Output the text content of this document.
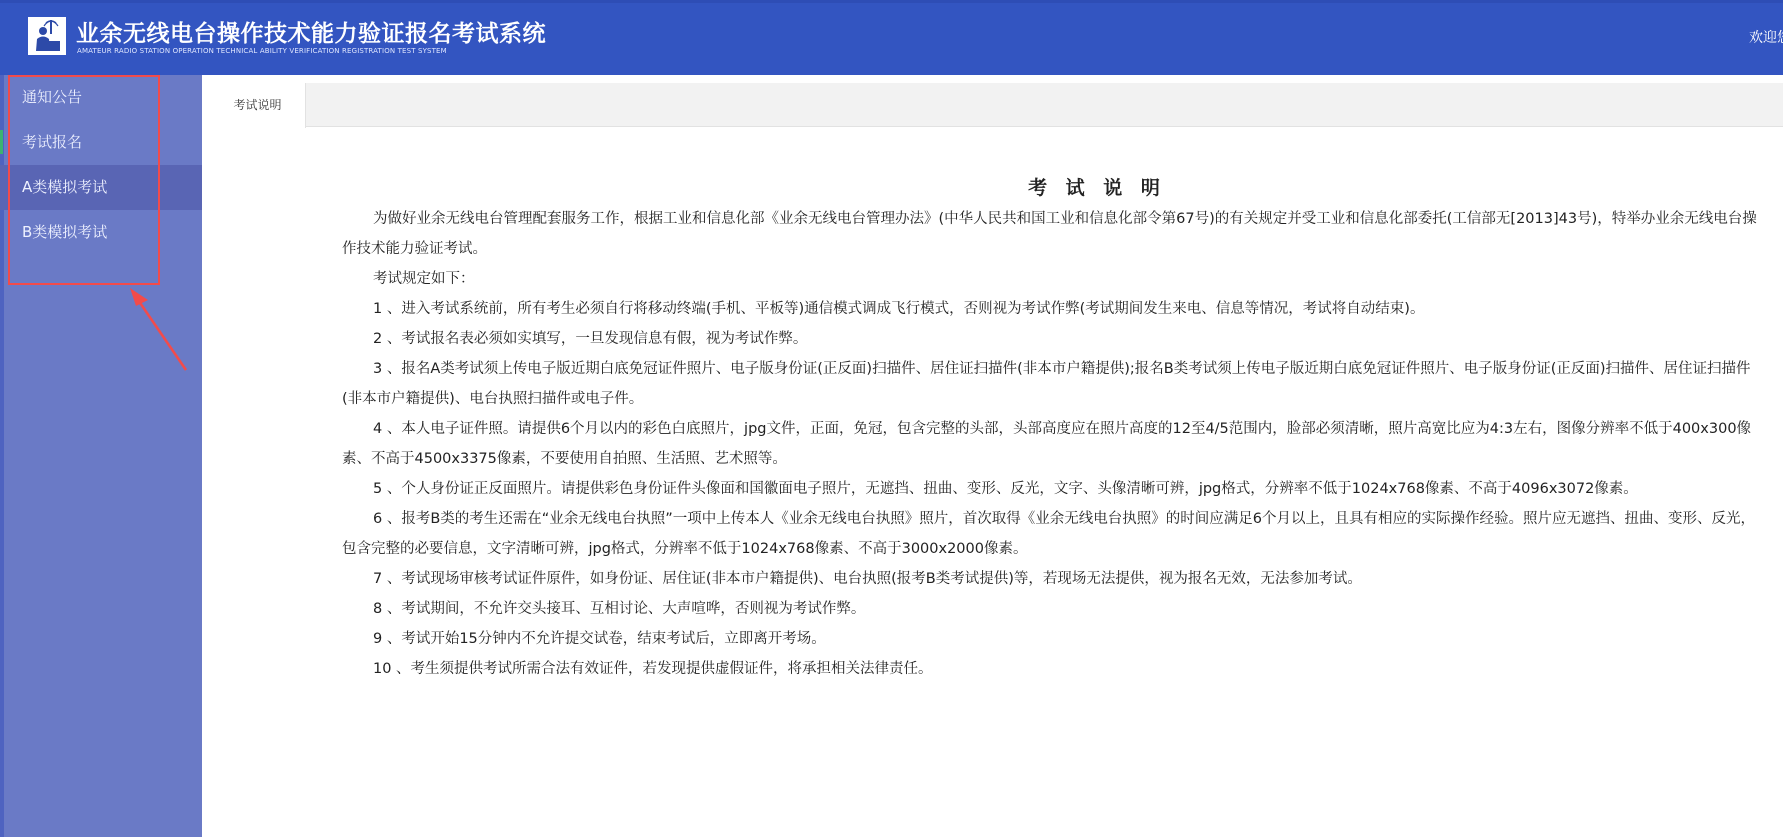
业余无线电台操作技术能力验证报名考试系统
AMATEUR RADIO STATION OPERATION TECHNICAL ABILITY VERIFICATION REGISTRATION TEST SYSTEM
欢迎您
通知公告
考试报名
A类模拟考试
B类模拟考试
考试说明
考 试 说 明

为做好业余无线电台管理配套服务工作，根据工业和信息化部《业余无线电台管理办法》(中华人民共和国工业和信息化部令第67号)的有关规定并受工业和信息化部委托(工信部无[2013]43号)，特举办业余无线电台操作技术能力验证考试。

考试规定如下：

1 、进入考试系统前，所有考生必须自行将移动终端(手机、平板等)通信模式调成飞行模式，否则视为考试作弊(考试期间发生来电、信息等情况，考试将自动结束)。

2 、考试报名表必须如实填写，一旦发现信息有假，视为考试作弊。

3 、报名A类考试须上传电子版近期白底免冠证件照片、电子版身份证(正反面)扫描件、居住证扫描件(非本市户籍提供);报名B类考试须上传电子版近期白底免冠证件照片、电子版身份证(正反面)扫描件、居住证扫描件(非本市户籍提供)、电台执照扫描件或电子件。

4 、本人电子证件照。请提供6个月以内的彩色白底照片，jpg文件，正面，免冠，包含完整的头部，头部高度应在照片高度的12至4/5范围内，脸部必须清晰，照片高宽比应为4:3左右，图像分辨率不低于400x300像素、不高于4500x3375像素，不要使用自拍照、生活照、艺术照等。

5 、个人身份证正反面照片。请提供彩色身份证件头像面和国徽面电子照片，无遮挡、扭曲、变形、反光，文字、头像清晰可辨，jpg格式，分辨率不低于1024x768像素、不高于4096x3072像素。

6 、报考B类的考生还需在“业余无线电台执照”一项中上传本人《业余无线电台执照》照片，首次取得《业余无线电台执照》的时间应满足6个月以上，且具有相应的实际操作经验。照片应无遮挡、扭曲、变形、反光，包含完整的必要信息，文字清晰可辨，jpg格式，分辨率不低于1024x768像素、不高于3000x2000像素。

7 、考试现场审核考试证件原件，如身份证、居住证(非本市户籍提供)、电台执照(报考B类考试提供)等，若现场无法提供，视为报名无效，无法参加考试。

8 、考试期间，不允许交头接耳、互相讨论、大声喧哗，否则视为考试作弊。

9 、考试开始15分钟内不允许提交试卷，结束考试后，立即离开考场。

10 、考生须提供考试所需合法有效证件，若发现提供虚假证件，将承担相关法律责任。
